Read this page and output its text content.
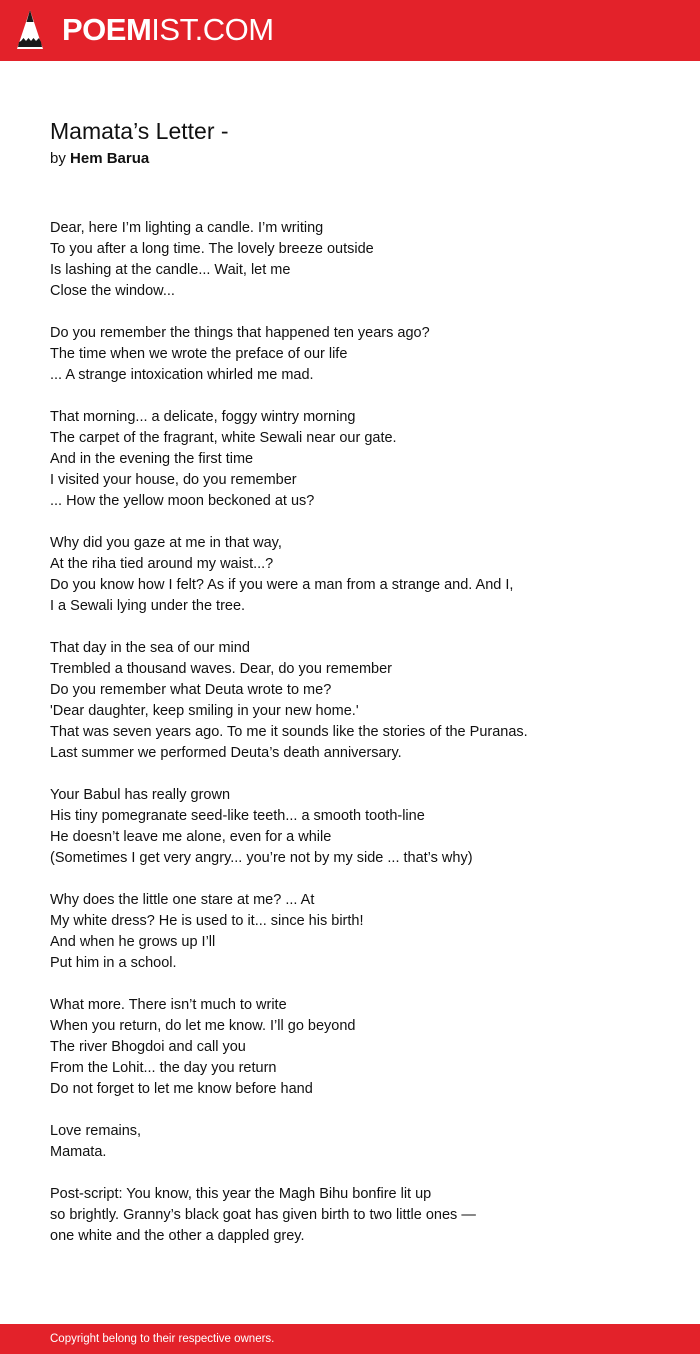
POEMIST.COM
Mamata’s Letter -
by Hem Barua
Dear, here I’m lighting a candle. I’m writing
To you after a long time. The lovely breeze outside
Is lashing at the candle... Wait, let me
Close the window...
Do you remember the things that happened ten years ago?
The time when we wrote the preface of our life
... A strange intoxication whirled me mad.
That morning... a delicate, foggy wintry morning
The carpet of the fragrant, white Sewali near our gate.
And in the evening the first time
I visited your house, do you remember
... How the yellow moon beckoned at us?
Why did you gaze at me in that way,
At the riha tied around my waist...?
Do you know how I felt? As if you were a man from a strange and. And I,
I a Sewali lying under the tree.
That day in the sea of our mind
Trembled a thousand waves. Dear, do you remember
Do you remember what Deuta wrote to me?
'Dear daughter, keep smiling in your new home.'
That was seven years ago. To me it sounds like the stories of the Puranas.
Last summer we performed Deuta’s death anniversary.
Your Babul has really grown
His tiny pomegranate seed-like teeth... a smooth tooth-line
He doesn’t leave me alone, even for a while
(Sometimes I get very angry... you’re not by my side ... that’s why)
Why does the little one stare at me? ... At
My white dress? He is used to it... since his birth!
And when he grows up I’ll
Put him in a school.
What more. There isn’t much to write
When you return, do let me know. I’ll go beyond
The river Bhogdoi and call you
From the Lohit... the day you return
Do not forget to let me know before hand
Love remains,
Mamata.
Post-script: You know, this year the Magh Bihu bonfire lit up
so brightly. Granny’s black goat has given birth to two little ones —
one white and the other a dappled grey.
Copyright belong to their respective owners.
